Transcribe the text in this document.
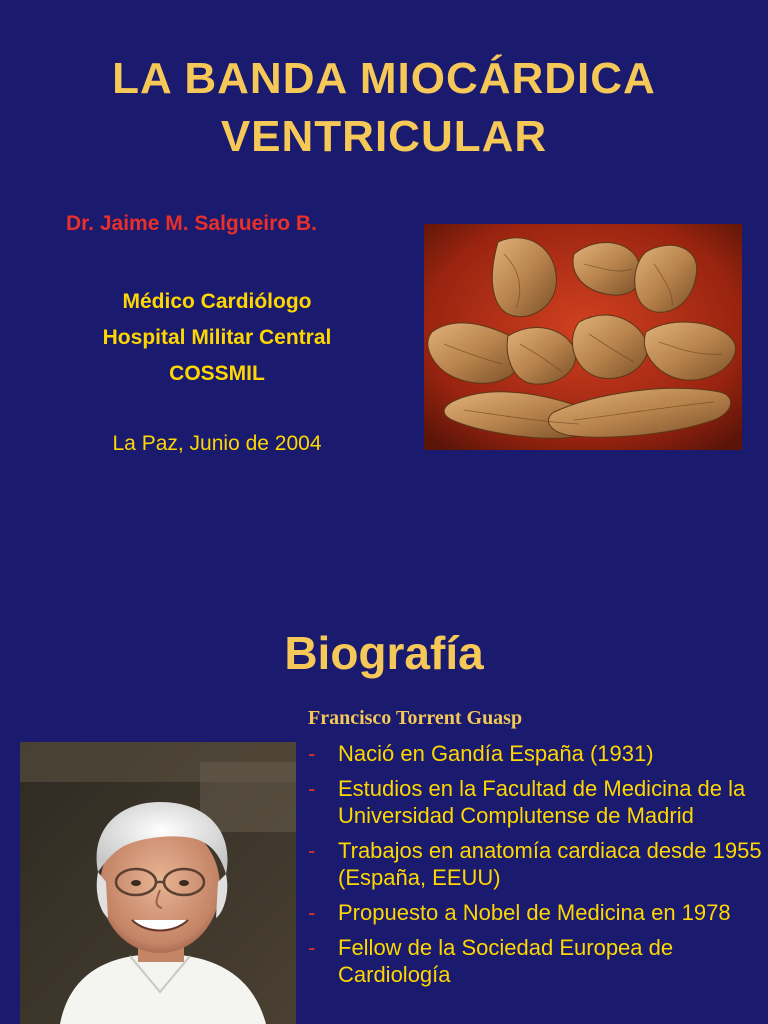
LA BANDA MIOCÁRDICA
VENTRICULAR
Dr. Jaime M. Salgueiro B.
Médico Cardiólogo
Hospital Militar Central
COSSMIL
La Paz, Junio de 2004
Biografía
Francisco Torrent Guasp
- Nació en Gandía España (1931)
- Estudios en la Facultad de Medicina de la Universidad Complutense de Madrid
- Trabajos en anatomía cardiaca desde 1955 (España, EEUU)
- Propuesto a Nobel de Medicina en 1978
- Fellow de la Sociedad Europea de Cardiología
